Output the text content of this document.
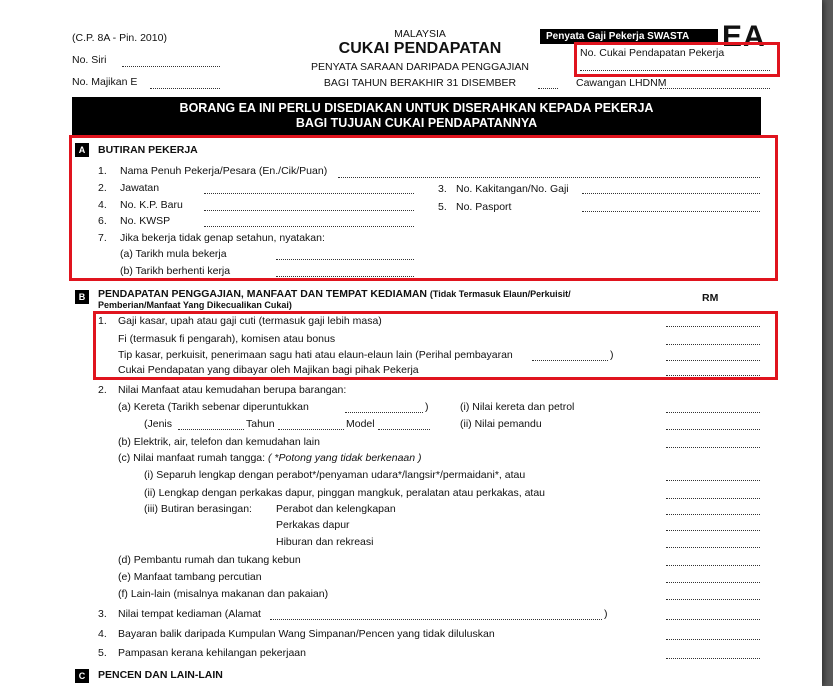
(C.P. 8A - Pin. 2010)
No. Siri
No. Majikan E
MALAYSIA
CUKAI PENDAPATAN
PENYATA SARAAN DARIPADA PENGGAJIAN
BAGI TAHUN BERAKHIR 31 DISEMBER
Penyata Gaji Pekerja SWASTA	EA
No. Cukai Pendapatan Pekerja
Cawangan LHDNM
BORANG EA INI PERLU DISEDIAKAN UNTUK DISERAHKAN KEPADA PEKERJA
BAGI TUJUAN CUKAI PENDAPATANNYA
A	BUTIRAN PEKERJA
1. Nama Penuh Pekerja/Pesara (En./Cik/Puan)
2. Jawatan	3. No. Kakitangan/No. Gaji
4. No. K.P. Baru	5. No. Pasport
6. No. KWSP
7. Jika bekerja tidak genap setahun, nyatakan:
(a) Tarikh mula bekerja
(b) Tarikh berhenti kerja
B	PENDAPATAN PENGGAJIAN, MANFAAT DAN TEMPAT KEDIAMAN (Tidak Termasuk Elaun/Perkuisit/
Pemberian/Manfaat Yang Dikecualikan Cukai)
RM
1. Gaji kasar, upah atau gaji cuti (termasuk gaji lebih masa)
Fi (termasuk fi pengarah), komisen atau bonus
Tip kasar, perkuisit, penerimaan sagu hati atau elaun-elaun lain (Perihal pembayaran	)
Cukai Pendapatan yang dibayar oleh Majikan bagi pihak Pekerja
2. Nilai Manfaat atau kemudahan berupa barangan:
(a) Kereta (Tarikh sebenar diperuntukkan	)	(i) Nilai kereta dan petrol
(Jenis	Tahun	Model	(ii) Nilai pemandu
(b) Elektrik, air, telefon dan kemudahan lain
(c) Nilai manfaat rumah tangga: ( *Potong yang tidak berkenaan )
(i) Separuh lengkap dengan perabot*/penyaman udara*/langsir*/permaidani*, atau
(ii) Lengkap dengan perkakas dapur, pinggan mangkuk, peralatan atau perkakas, atau
(iii) Butiran berasingan: Perabot dan kelengkapan
Perkakas dapur
Hiburan dan rekreasi
(d) Pembantu rumah dan tukang kebun
(e) Manfaat tambang percutian
(f) Lain-lain (misalnya makanan dan pakaian)
3. Nilai tempat kediaman (Alamat	)
4. Bayaran balik daripada Kumpulan Wang Simpanan/Pencen yang tidak diluluskan
5. Pampasan kerana kehilangan pekerjaan
C	PENCEN DAN LAIN-LAIN
